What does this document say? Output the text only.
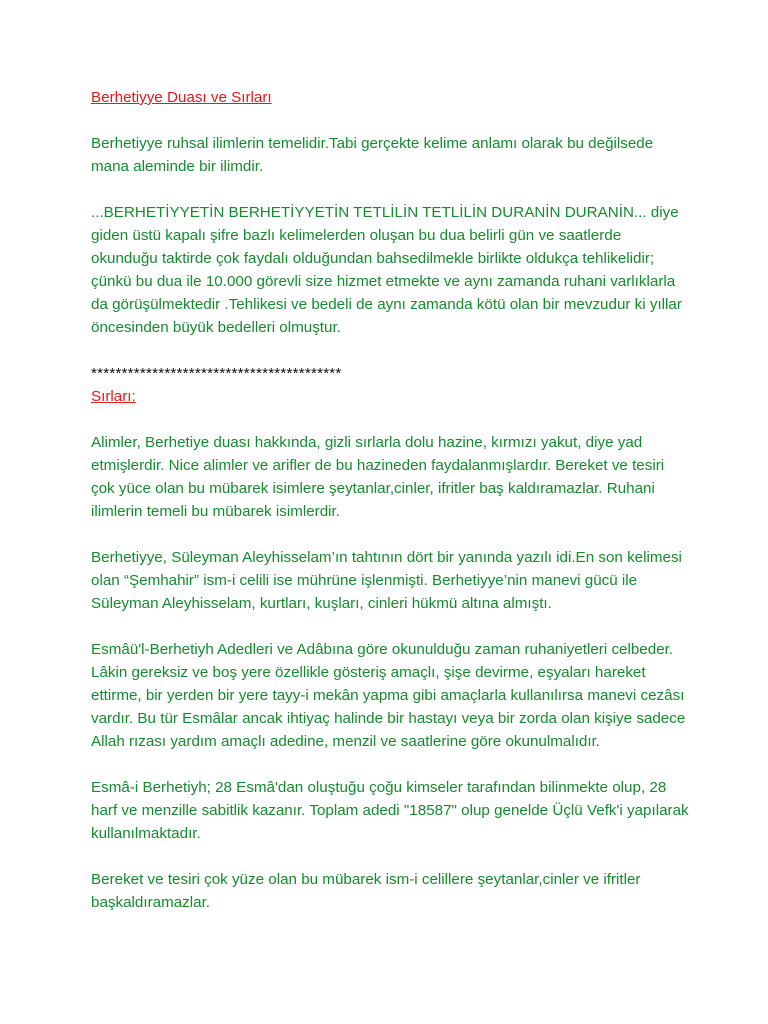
Berhetiyye Duası ve Sırları

Berhetiyye ruhsal ilimlerin temelidir.Tabi gerçekte kelime anlamı olarak bu değilsede mana aleminde bir ilimdir.

...BERHETİYYETİN BERHETİYYETİN TETLİLİN TETLİLİN DURANİN DURANİN... diye giden üstü kapalı şifre bazlı kelimelerden oluşan bu dua belirli gün ve saatlerde okunduğu taktirde çok faydalı olduğundan bahsedilmekle birlikte oldukça tehlikelidir; çünkü bu dua ile 10.000 görevli size hizmet etmekte ve aynı zamanda ruhani varlıklarla da görüşülmektedir .Tehlikesi ve bedeli de aynı zamanda kötü olan bir mevzudur ki yıllar öncesinden büyük bedelleri olmuştur.

*****************************************

Sırları:

Alimler, Berhetiye duası hakkında, gizli sırlarla dolu hazine, kırmızı yakut, diye yad etmişlerdir. Nice alimler ve arifler de bu hazineden faydalanmışlardır. Bereket ve tesiri çok yüce olan bu mübarek isimlere şeytanlar,cinler, ifritler baş kaldıramazlar. Ruhani ilimlerin temeli bu mübarek isimlerdir.

Berhetiyye, Süleyman Aleyhisselam’ın tahtının dört bir yanında yazılı idi.En son kelimesi olan “Şemhahir” ism-i celili ise mührüne işlenmişti. Berhetiyye’nin manevi gücü ile Süleyman Aleyhisselam, kurtları, kuşları, cinleri hükmü altına almıştı.

Esmâü'l-Berhetiyh Adedleri ve Adâbına göre okunulduğu zaman ruhaniyetleri celbeder. Lâkin gereksiz ve boş yere özellikle gösteriş amaçlı, şişe devirme, eşyaları hareket ettirme, bir yerden bir yere tayy-i mekân yapma gibi amaçlarla kullanılırsa manevi cezâsı vardır. Bu tür Esmâlar ancak ihtiyaç halinde bir hastayı veya bir zorda olan kişiye sadece Allah rızası yardım amaçlı adedine, menzil ve saatlerine göre okunulmalıdır.

Esmâ-i Berhetiyh; 28 Esmâ'dan oluştuğu çoğu kimseler tarafından bilinmekte olup, 28 harf ve menzille sabitlik kazanır. Toplam adedi "18587" olup genelde Üçlü Vefk'i yapılarak kullanılmaktadır.

Bereket ve tesiri çok yüze olan bu mübarek ism-i celillere şeytanlar,cinler ve ifritler başkaldıramazlar.
